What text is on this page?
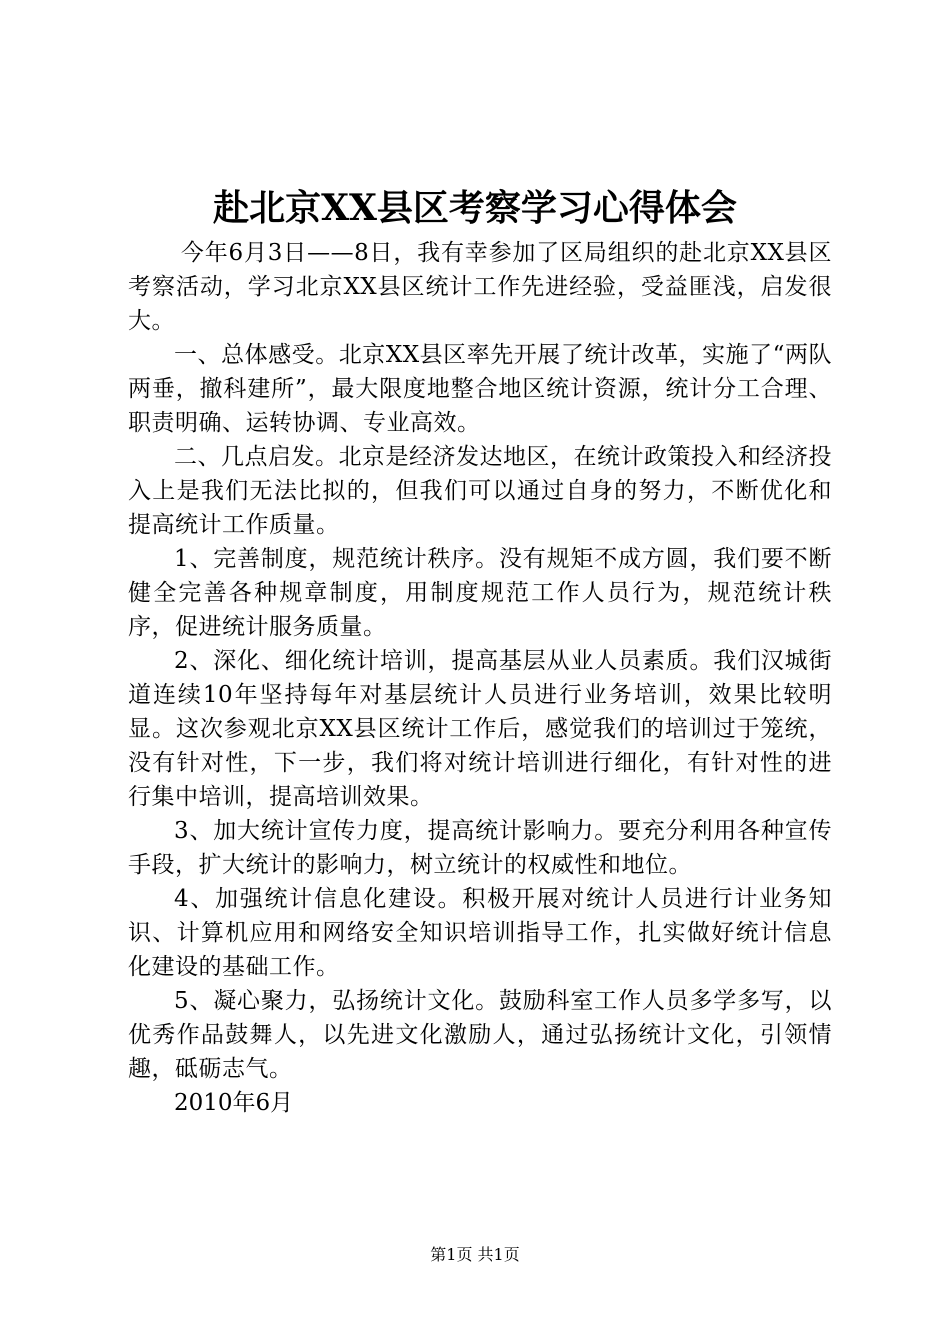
赴北京XX县区考察学习心得体会

今年6月3日——8日，我有幸参加了区局组织的赴北京XX县区考察活动，学习北京XX县区统计工作先进经验，受益匪浅，启发很大。

一、总体感受。北京XX县区率先开展了统计改革，实施了“两队两垂，撤科建所”，最大限度地整合地区统计资源，统计分工合理、职责明确、运转协调、专业高效。

二、几点启发。北京是经济发达地区，在统计政策投入和经济投入上是我们无法比拟的，但我们可以通过自身的努力，不断优化和提高统计工作质量。

1、完善制度，规范统计秩序。没有规矩不成方圆，我们要不断健全完善各种规章制度，用制度规范工作人员行为，规范统计秩序，促进统计服务质量。

2、深化、细化统计培训，提高基层从业人员素质。我们汉城街道连续10年坚持每年对基层统计人员进行业务培训，效果比较明显。这次参观北京XX县区统计工作后，感觉我们的培训过于笼统，没有针对性，下一步，我们将对统计培训进行细化，有针对性的进行集中培训，提高培训效果。

3、加大统计宣传力度，提高统计影响力。要充分利用各种宣传手段，扩大统计的影响力，树立统计的权威性和地位。

4、加强统计信息化建设。积极开展对统计人员进行计业务知识、计算机应用和网络安全知识培训指导工作，扎实做好统计信息化建设的基础工作。

5、凝心聚力，弘扬统计文化。鼓励科室工作人员多学多写，以优秀作品鼓舞人，以先进文化激励人，通过弘扬统计文化，引领情趣，砥砺志气。

2010年6月

第1页 共1页
